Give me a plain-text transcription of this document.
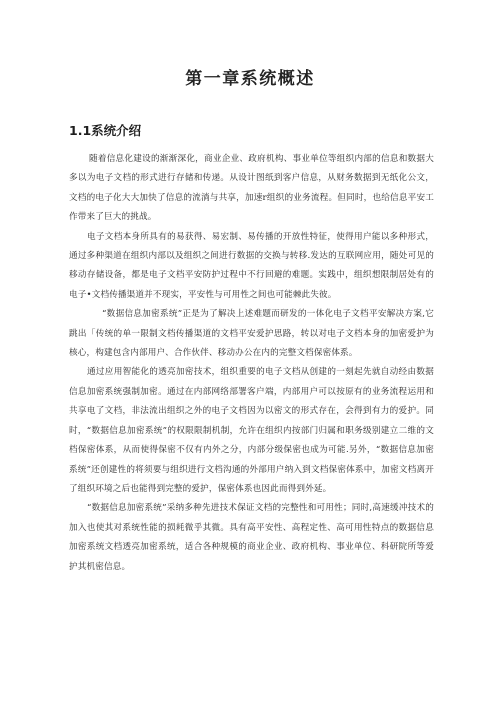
第一章系统概述
1.1系统介绍

随着信息化建设的渐渐深化，商业企业、政府机构、事业单位等组织内部的信息和数据大多以为电子文档的形式进行存储和传递。从设计图纸到客户信息，从财务数据到无纸化公文，文档的电子化大大加快了信息的流淌与共享，加速r组织的业务流程。但同时，也给信息平安工作带来了巨大的挑战。

电子文档本身所具有的易获得、易宏制、易传播的开放性特征，使得用户能以多种形式，通过多种渠道在组织内部以及组织之间进行数据的交换与转移.发达的互联网应用，随处可见的移动存储设备，都是电子文档平安防护过程中不行回避的难题。实践中，组织想限制居处有的电子•文档传播渠道并不现实，平安性与可用性之间也可能棘此失彼。

“数据信息加密系统”正是为了解决上述难题而研发的一体化电子文档平安解决方案,它跳出「传统的单一限制文档传播渠道的文档平安爱护思路，转以对电子文档本身的加密爱护为核心，构建包含内部用户、合作伙伴、移动办公在内的完整文档保密体系。

通过应用智能化的透亮加密技术，组织重要的电子文档从创建的一刻起先就自动经由数据信息加密系统强制加密。通过在内部网络部署客户端，内部用户可以按原有的业务流程运用和共享电了文档，非法流出组织之外的电子文档因为以密文的形式存在，会得到有力的爱护。同时，“数据信息加密系统”的权限限制机制，允许在组织内按部门归属和职务级别建立二维的文档保密体系，从而使得保密不仅有内外之分，内部分级保密也成为可能.另外，“数据信息加密系统”还创建性的将须要与组织进行文档沟通的外部用户纳入到文档保密体系中，加密文档离开了组织环境之后也能得到完整的爱护，保密体系也因此而得到外延。

“数据信息加密系统”采纳多种先进技术保证文档的完整性和可用性；同时,高速缓冲技术的加入也使其对系统性能的损耗微乎其微。具有高平安性、高程定性、高可用性特点的数据信息加密系统文档透亮加密系统，适合各种规模的商业企业、政府机构、事业单位、科研院所等爱护其机密信息。
